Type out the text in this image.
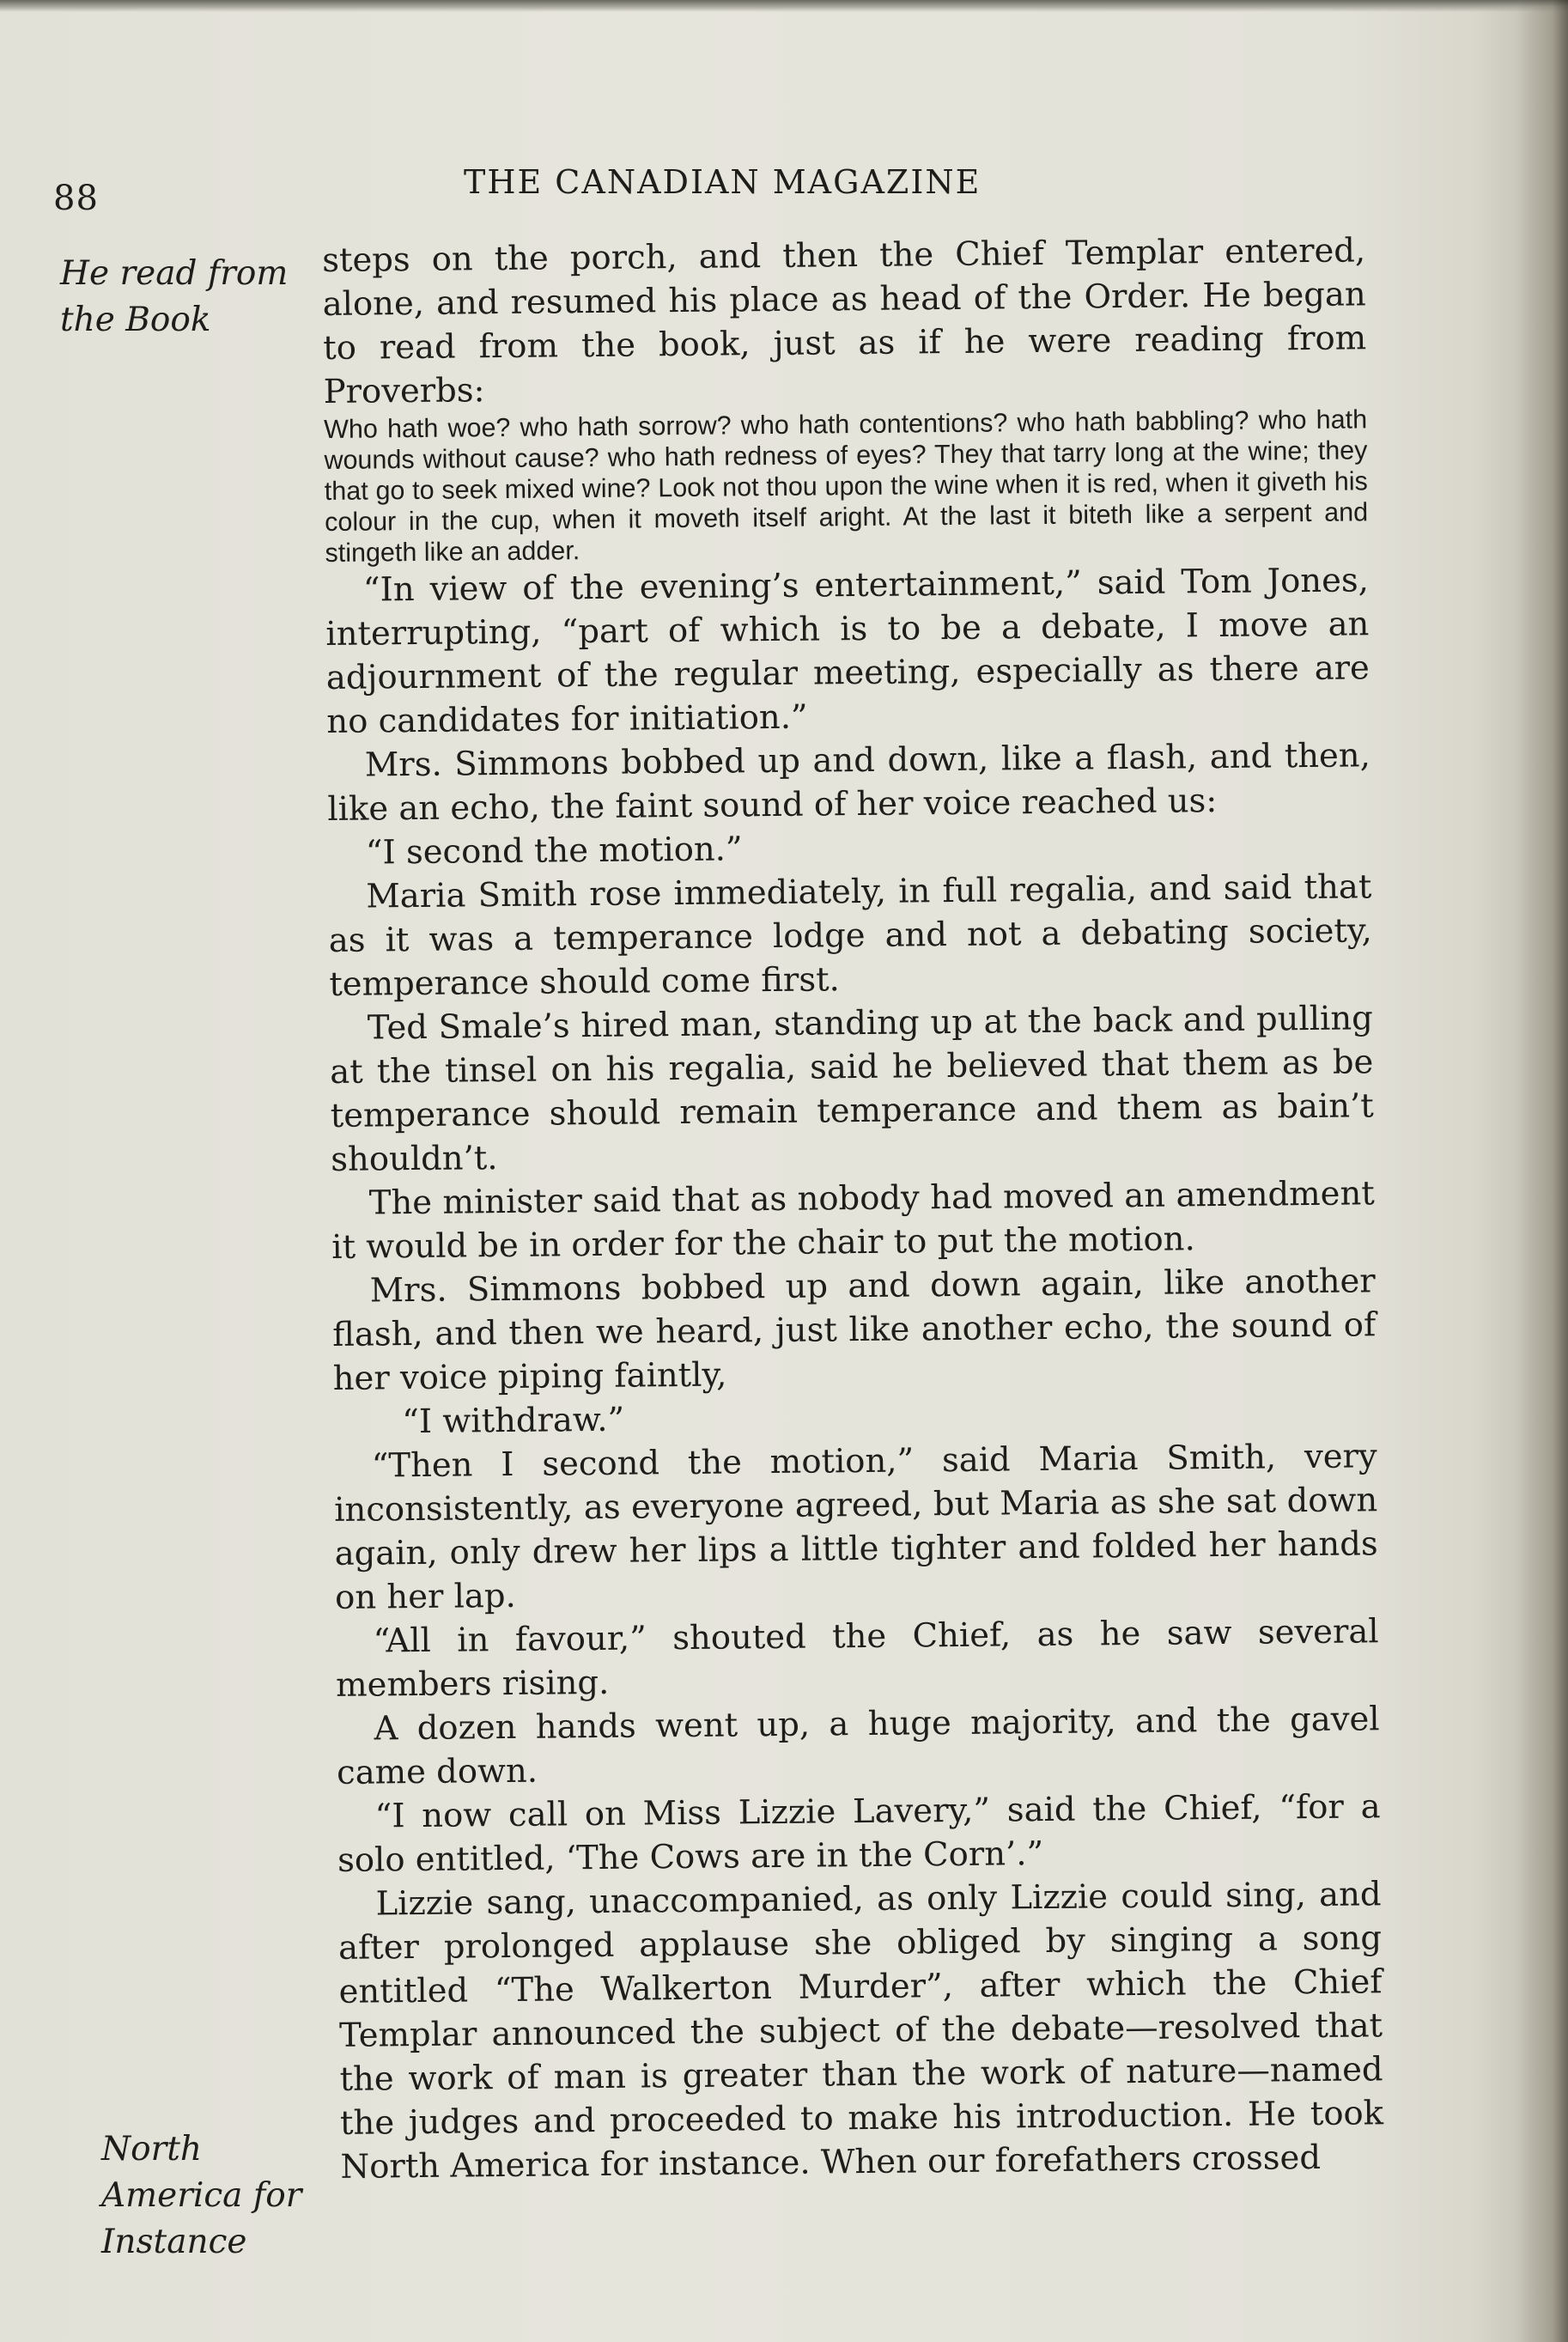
88	THE CANADIAN MAGAZINE
He read from
the Book
North
America for
Instance

steps on the porch, and then the Chief Templar entered, alone, and resumed his place as head of the Order. He began to read from the book, just as if he were reading from Proverbs:

Who hath woe? who hath sorrow? who hath contentions? who hath babbling? who hath wounds without cause? who hath redness of eyes? They that tarry long at the wine; they that go to seek mixed wine? Look not thou upon the wine when it is red, when it giveth his colour in the cup, when it moveth itself aright. At the last it biteth like a serpent and stingeth like an adder.

“In view of the evening’s entertainment,” said Tom Jones, interrupting, “part of which is to be a debate, I move an adjournment of the regular meeting, especially as there are no candidates for initiation.”

Mrs. Simmons bobbed up and down, like a flash, and then, like an echo, the faint sound of her voice reached us:

“I second the motion.”

Maria Smith rose immediately, in full regalia, and said that as it was a temperance lodge and not a debating society, temperance should come first.

Ted Smale’s hired man, standing up at the back and pulling at the tinsel on his regalia, said he believed that them as be temperance should remain temperance and them as bain’t shouldn’t.

The minister said that as nobody had moved an amendment it would be in order for the chair to put the motion.

Mrs. Simmons bobbed up and down again, like another flash, and then we heard, just like another echo, the sound of her voice piping faintly,

“I withdraw.”

“Then I second the motion,” said Maria Smith, very inconsistently, as everyone agreed, but Maria as she sat down again, only drew her lips a little tighter and folded her hands on her lap.

“All in favour,” shouted the Chief, as he saw several members rising.

A dozen hands went up, a huge majority, and the gavel came down.

“I now call on Miss Lizzie Lavery,” said the Chief, “for a solo entitled, ‘The Cows are in the Corn’.”

Lizzie sang, unaccompanied, as only Lizzie could sing, and after prolonged applause she obliged by singing a song entitled “The Walkerton Murder”, after which the Chief Templar announced the subject of the debate—resolved that the work of man is greater than the work of nature—named the judges and proceeded to make his introduction. He took North America for instance. When our forefathers crossed
